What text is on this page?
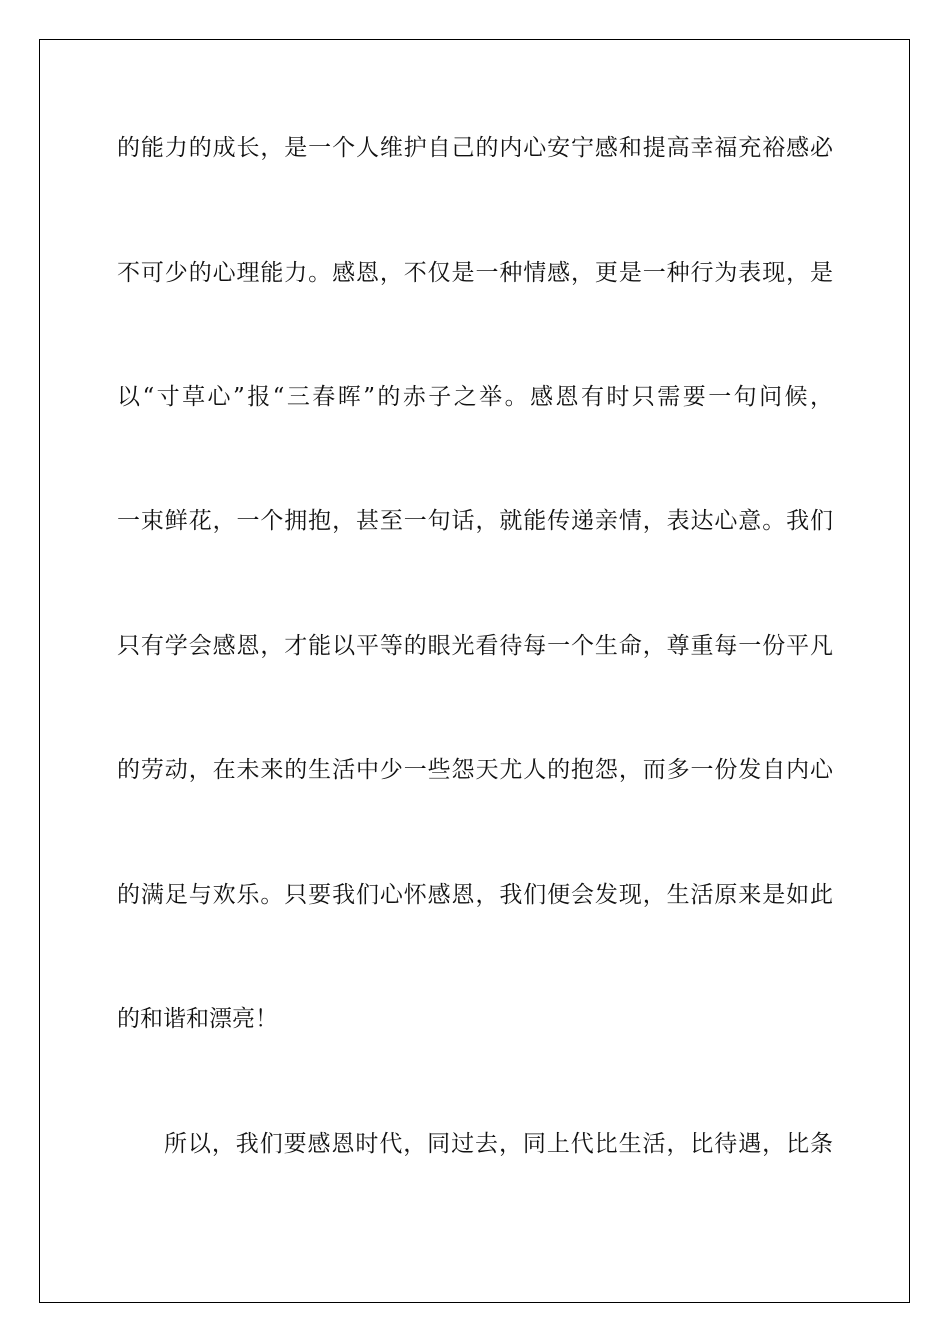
的能力的成长，是一个人维护自己的内心安宁感和提高幸福充裕感必
不可少的心理能力。感恩，不仅是一种情感，更是一种行为表现，是
以“寸草心”报“三春晖”的赤子之举。感恩有时只需要一句问候，
一束鲜花，一个拥抱，甚至一句话，就能传递亲情，表达心意。我们
只有学会感恩，才能以平等的眼光看待每一个生命，尊重每一份平凡
的劳动，在未来的生活中少一些怨天尤人的抱怨，而多一份发自内心
的满足与欢乐。只要我们心怀感恩，我们便会发现，生活原来是如此
的和谐和漂亮！
所以，我们要感恩时代，同过去，同上代比生活，比待遇，比条
